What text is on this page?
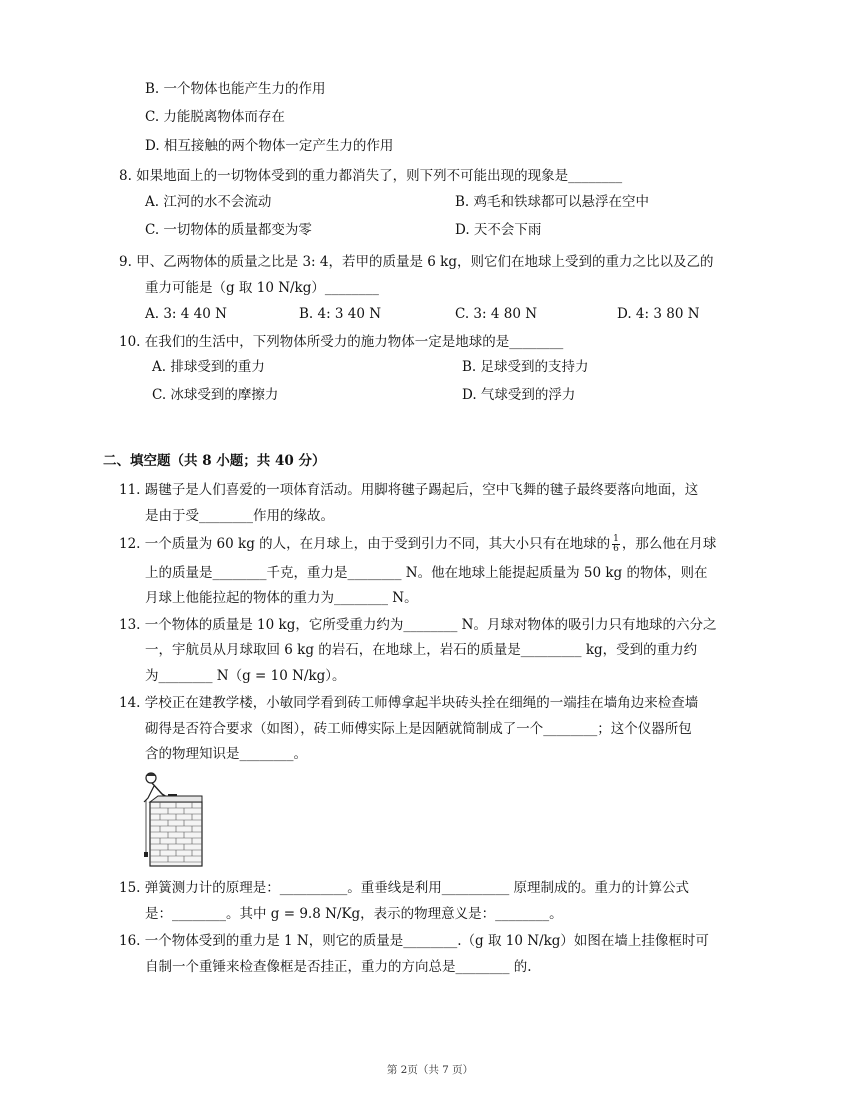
B. 一个物体也能产生力的作用
C. 力能脱离物体而存在
D. 相互接触的两个物体一定产生力的作用
8. 如果地面上的一切物体受到的重力都消失了，则下列不可能出现的现象是________
A. 江河的水不会流动	B. 鸡毛和铁球都可以悬浮在空中
C. 一切物体的质量都变为零	D. 天不会下雨
9. 甲、乙两物体的质量之比是 3: 4，若甲的质量是 6 kg，则它们在地球上受到的重力之比以及乙的
重力可能是（g 取 10 N/kg）________
A. 3: 4 40 N	B. 4: 3 40 N	C. 3: 4 80 N	D. 4: 3 80 N
10. 在我们的生活中，下列物体所受力的施力物体一定是地球的是________
A. 排球受到的重力	B. 足球受到的支持力
C. 冰球受到的摩擦力	D. 气球受到的浮力
二、填空题（共 8 小题；共 40 分）
11. 踢毽子是人们喜爱的一项体育活动。用脚将毽子踢起后，空中飞舞的毽子最终要落向地面，这
是由于受________作用的缘故。
12. 一个质量为 60 kg 的人，在月球上，由于受到引力不同，其大小只有在地球的 $\frac{1}{6}$ ，那么他在月球
上的质量是________千克，重力是________ N。他在地球上能提起质量为 50 kg 的物体，则在
月球上他能拉起的物体的重力为________ N。
13. 一个物体的质量是 10 kg，它所受重力约为________ N。月球对物体的吸引力只有地球的六分之
一，宇航员从月球取回 6 kg 的岩石，在地球上，岩石的质量是_________ kg，受到的重力约
为________ N（g = 10 N/kg）。
14. 学校正在建教学楼，小敏同学看到砖工师傅拿起半块砖头拴在细绳的一端挂在墙角边来检查墙
砌得是否符合要求（如图），砖工师傅实际上是因陋就简制成了一个________；这个仪器所包
含的物理知识是________。
15. 弹簧测力计的原理是：__________。重垂线是利用__________ 原理制成的。重力的计算公式
是：________。其中 g = 9.8 N/Kg，表示的物理意义是：________。
16. 一个物体受到的重力是 1 N，则它的质量是________.（g 取 10 N/kg）如图在墙上挂像框时可
自制一个重锤来检查像框是否挂正，重力的方向总是________ 的.
第 2页（共 7 页）
